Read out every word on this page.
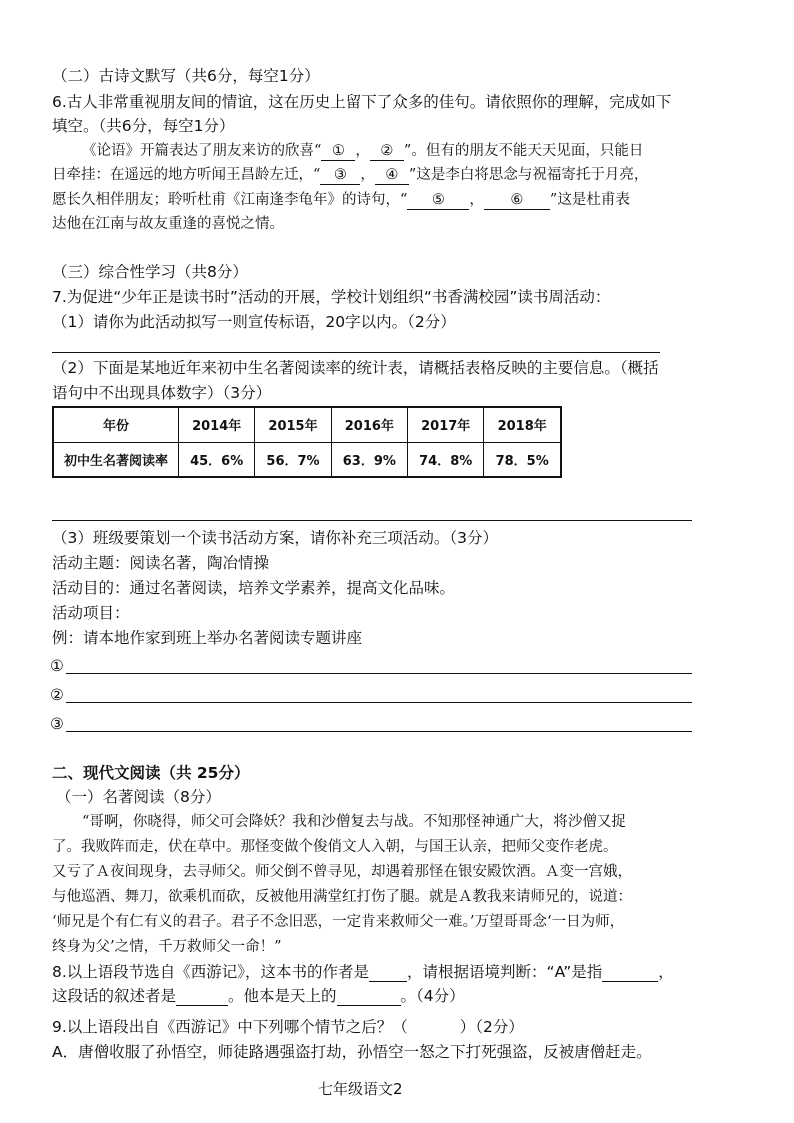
（二）古诗文默写（共6分，每空1分）
6.古人非常重视朋友间的情谊，这在历史上留下了众多的佳句。请依照你的理解，完成如下
填空。（共6分，每空1分）
《论语》开篇表达了朋友来访的欣喜“ ① ， ② ”。但有的朋友不能天天见面，只能日
日牵挂：在遥远的地方听闻王昌龄左迁，“ ③ ， ④ ”这是李白将思念与祝福寄托于月亮，
愿长久相伴朋友；聆听杜甫《江南逢李龟年》的诗句，“ ⑤ ， ⑥ ”这是杜甫表
达他在江南与故友重逢的喜悦之情。
（三）综合性学习（共8分）
7.为促进“少年正是读书时”活动的开展，学校计划组织“书香满校园”读书周活动：
（1）请你为此活动拟写一则宣传标语，20字以内。（2分）
（2）下面是某地近年来初中生名著阅读率的统计表，请概括表格反映的主要信息。（概括
语句中不出现具体数字）（3分）
年份	2014年	2015年	2016年	2017年	2018年
初中生名著阅读率	45．6%	56．7%	63．9%	74．8%	78．5%
（3）班级要策划一个读书活动方案，请你补充三项活动。（3分）
活动主题：阅读名著，陶冶情操
活动目的：通过名著阅读，培养文学素养，提高文化品味。
活动项目：
例：请本地作家到班上举办名著阅读专题讲座
①
②
③
二、现代文阅读（共 25分）
（一）名著阅读（8分）
“哥啊，你晓得，师父可会降妖？我和沙僧复去与战。不知那怪神通广大，将沙僧又捉
了。我败阵而走，伏在草中。那怪变做个俊俏文人入朝，与国王认亲，把师父变作老虎。
又亏了Ａ夜间现身，去寻师父。师父倒不曾寻见，却遇着那怪在银安殿饮酒。Ａ变一宫娥，
与他巡酒、舞刀，欲乘机而砍，反被他用满堂红打伤了腿。就是Ａ教我来请师兄的，说道：
‘师兄是个有仁有义的君子。君子不念旧恶，一定肯来救师父一难。’万望哥哥念‘一日为师，
终身为父’之情，千万救师父一命！”
8.以上语段节选自《西游记》，这本书的作者是 ，请根据语境判断：“A”是指	，
这段话的叙述者是	。他本是天上的	。（4分）
9.以上语段出自《西游记》中下列哪个情节之后？（	）（2分）
A．唐僧收服了孙悟空，师徒路遇强盗打劫，孙悟空一怒之下打死强盗，反被唐僧赶走。
七年级语文2
